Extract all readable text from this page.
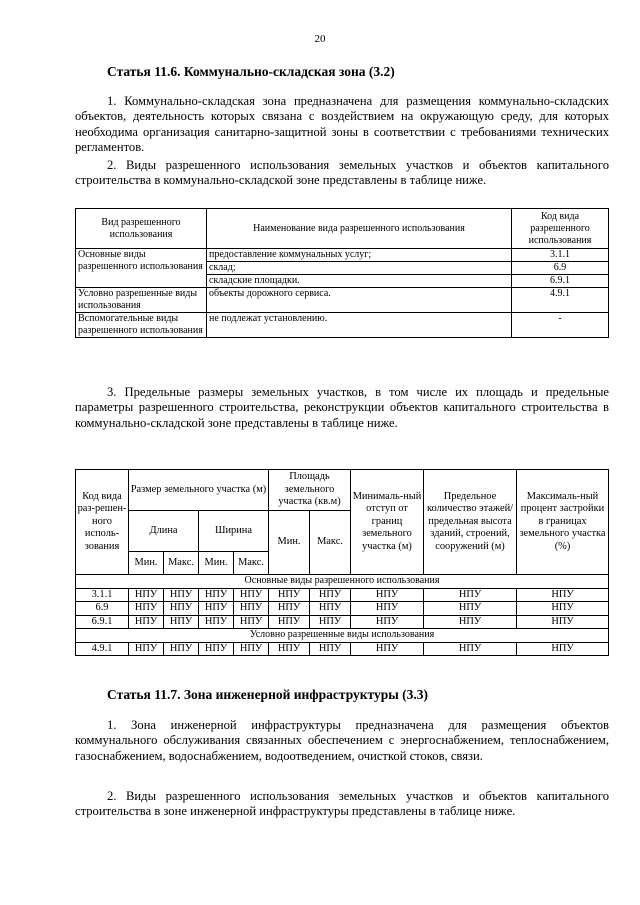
20
Статья 11.6. Коммунально-складская зона (3.2)
1. Коммунально-складская зона предназначена для размещения коммунально-складских объектов, деятельность которых связана с воздействием на окружающую среду, для которых необходима организация санитарно-защитной зоны в соответствии с требованиями технических регламентов.
2. Виды разрешенного использования земельных участков и объектов капитального строительства в коммунально-складской зоне представлены в таблице ниже.
Вид разрешенного использования	Наименование вида разрешенного использования	Код вида разрешенного использования
Основные виды разрешенного использования	предоставление коммунальных услуг;	3.1.1
	склад;	6.9
	складские площадки.	6.9.1
Условно разрешенные виды использования	объекты дорожного сервиса.	4.9.1
Вспомогательные виды разрешенного использования	не подлежат установлению.	-
3. Предельные размеры земельных участков, в том числе их площадь и предельные параметры разрешенного строительства, реконструкции объектов капитального строительства в коммунально-складской зоне представлены в таблице ниже.
Код вида раз-решен-ного исполь-зования	Размер земельного участка (м)				Площадь земельного участка (кв.м)		Минималь-ный отступ от границ земельного участка (м)	Предельное количество этажей/ предельная высота зданий, строений, сооружений (м)	Максималь-ный процент застройки в границах земельного участка (%)
	Длина		Ширина		Мин.	Макс.			
	Мин.	Макс.	Мин.	Макс.					
Основные виды разрешенного использования									
3.1.1	НПУ	НПУ	НПУ	НПУ	НПУ	НПУ	НПУ	НПУ	НПУ
6.9	НПУ	НПУ	НПУ	НПУ	НПУ	НПУ	НПУ	НПУ	НПУ
6.9.1	НПУ	НПУ	НПУ	НПУ	НПУ	НПУ	НПУ	НПУ	НПУ
Условно разрешенные виды использования									
4.9.1	НПУ	НПУ	НПУ	НПУ	НПУ	НПУ	НПУ	НПУ	НПУ
Статья 11.7. Зона инженерной инфраструктуры (3.3)
1. Зона инженерной инфраструктуры предназначена для размещения объектов коммунального обслуживания связанных обеспечением с энергоснабжением, теплоснабжением, газоснабжением, водоснабжением, водоотведением, очисткой стоков, связи.
2. Виды разрешенного использования земельных участков и объектов капитального строительства в зоне инженерной инфраструктуры представлены в таблице ниже.
